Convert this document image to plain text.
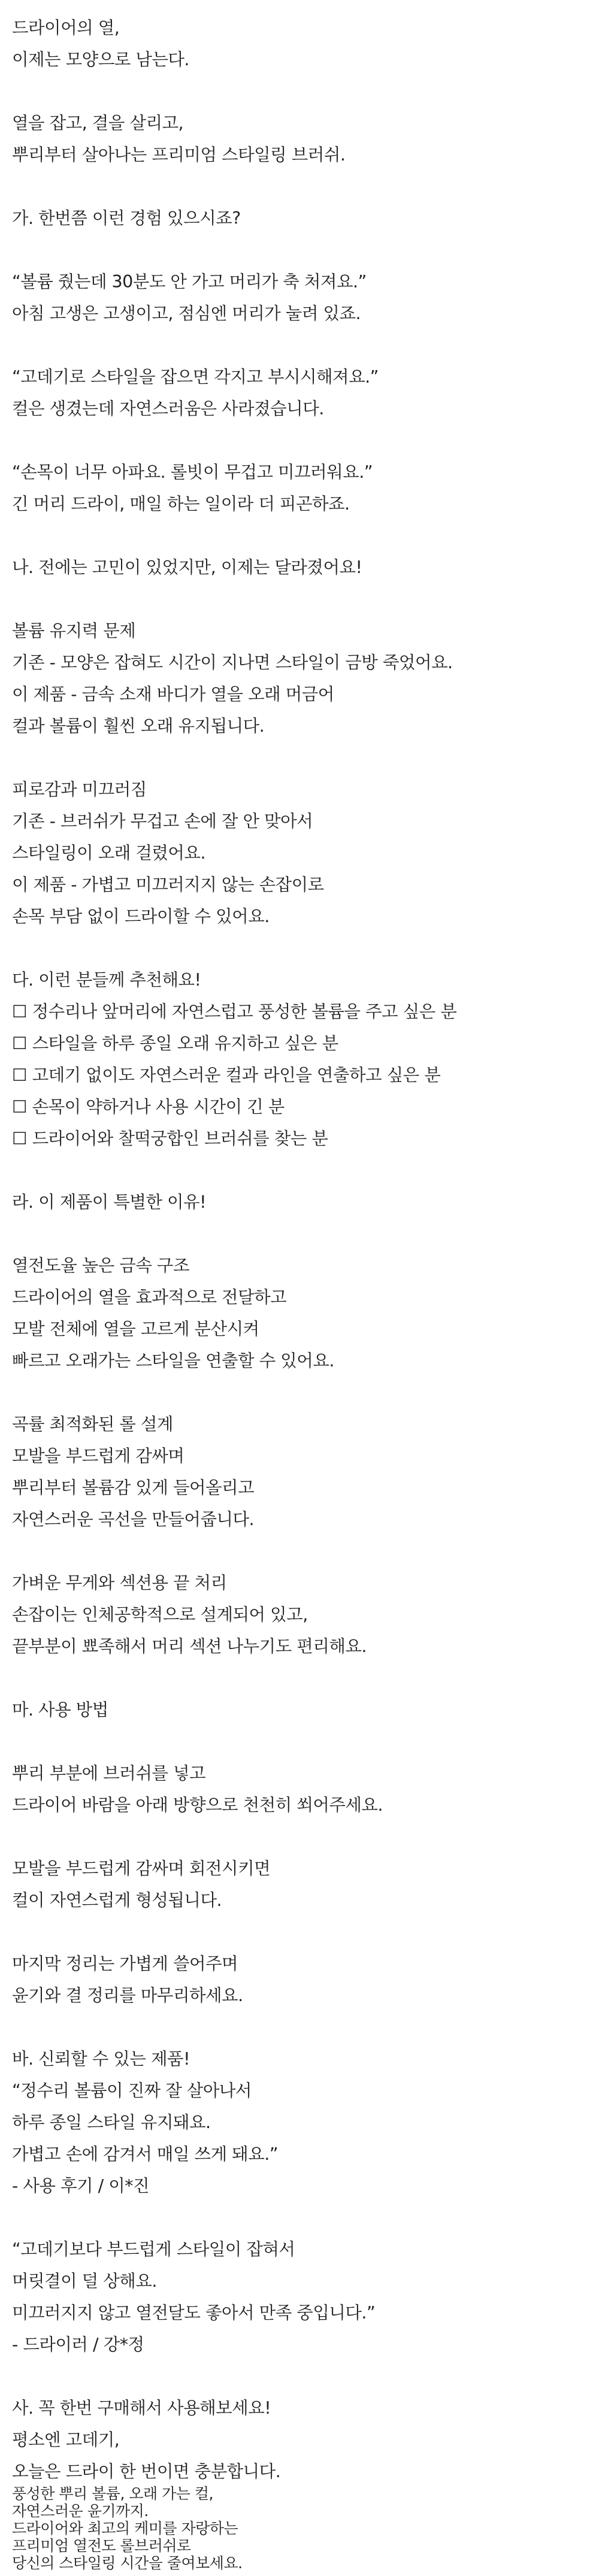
드라이어의 열,
이제는 모양으로 남는다.
열을 잡고, 결을 살리고,
뿌리부터 살아나는 프리미엄 스타일링 브러쉬.
가. 한번쯤 이런 경험 있으시죠?
“볼륨 줬는데 30분도 안 가고 머리가 축 처져요.”
아침 고생은 고생이고, 점심엔 머리가 눌려 있죠.
“고데기로 스타일을 잡으면 각지고 부시시해져요.”
컬은 생겼는데 자연스러움은 사라졌습니다.
“손목이 너무 아파요. 롤빗이 무겁고 미끄러워요.”
긴 머리 드라이, 매일 하는 일이라 더 피곤하죠.
나. 전에는 고민이 있었지만, 이제는 달라졌어요!
볼륨 유지력 문제
기존 - 모양은 잡혀도 시간이 지나면 스타일이 금방 죽었어요.
이 제품 - 금속 소재 바디가 열을 오래 머금어
컬과 볼륨이 훨씬 오래 유지됩니다.
피로감과 미끄러짐
기존 - 브러쉬가 무겁고 손에 잘 안 맞아서
스타일링이 오래 걸렸어요.
이 제품 - 가볍고 미끄러지지 않는 손잡이로
손목 부담 없이 드라이할 수 있어요.
다. 이런 분들께 추천해요!
☐ 정수리나 앞머리에 자연스럽고 풍성한 볼륨을 주고 싶은 분
☐ 스타일을 하루 종일 오래 유지하고 싶은 분
☐ 고데기 없이도 자연스러운 컬과 라인을 연출하고 싶은 분
☐ 손목이 약하거나 사용 시간이 긴 분
☐ 드라이어와 찰떡궁합인 브러쉬를 찾는 분
라. 이 제품이 특별한 이유!
열전도율 높은 금속 구조
드라이어의 열을 효과적으로 전달하고
모발 전체에 열을 고르게 분산시켜
빠르고 오래가는 스타일을 연출할 수 있어요.
곡률 최적화된 롤 설계
모발을 부드럽게 감싸며
뿌리부터 볼륨감 있게 들어올리고
자연스러운 곡선을 만들어줍니다.
가벼운 무게와 섹션용 끝 처리
손잡이는 인체공학적으로 설계되어 있고,
끝부분이 뾰족해서 머리 섹션 나누기도 편리해요.
마. 사용 방법
뿌리 부분에 브러쉬를 넣고
드라이어 바람을 아래 방향으로 천천히 쐬어주세요.
모발을 부드럽게 감싸며 회전시키면
컬이 자연스럽게 형성됩니다.
마지막 정리는 가볍게 쓸어주며
윤기와 결 정리를 마무리하세요.
바. 신뢰할 수 있는 제품!
“정수리 볼륨이 진짜 잘 살아나서
하루 종일 스타일 유지돼요.
가볍고 손에 감겨서 매일 쓰게 돼요.”
- 사용 후기 / 이*진
“고데기보다 부드럽게 스타일이 잡혀서
머릿결이 덜 상해요.
미끄러지지 않고 열전달도 좋아서 만족 중입니다.”
- 드라이러 / 강*정
사. 꼭 한번 구매해서 사용해보세요!
평소엔 고데기,
오늘은 드라이 한 번이면 충분합니다.
풍성한 뿌리 볼륨, 오래 가는 컬,
자연스러운 윤기까지.
드라이어와 최고의 케미를 자랑하는
프리미엄 열전도 롤브러쉬로
당신의 스타일링 시간을 줄여보세요.
